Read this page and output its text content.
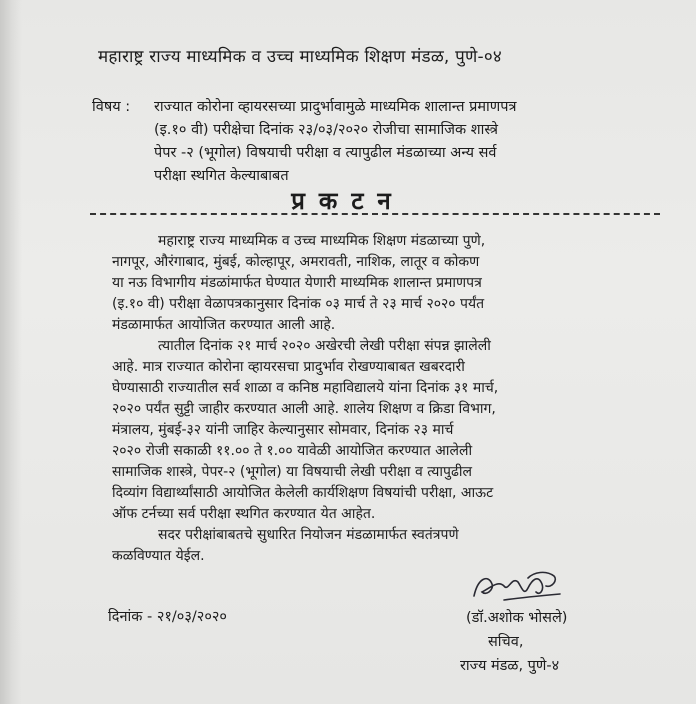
महाराष्ट्र राज्य माध्यमिक व उच्च माध्यमिक शिक्षण मंडळ, पुणे-०४
विषय : राज्यात कोरोना व्हायरसच्या प्रादुर्भावामुळे माध्यमिक शालान्त प्रमाणपत्र
(इ.१० वी) परीक्षेचा दिनांक २३/०३/२०२० रोजीचा सामाजिक शास्त्रे
पेपर -२ (भूगोल) विषयाची परीक्षा व त्यापुढील मंडळाच्या अन्य सर्व
परीक्षा स्थगित केल्याबाबत
प्रकटन

महाराष्ट्र राज्य माध्यमिक व उच्च माध्यमिक शिक्षण मंडळाच्या पुणे,
नागपूर, औरंगाबाद, मुंबई, कोल्हापूर, अमरावती, नाशिक, लातूर व कोकण
या नऊ विभागीय मंडळांमार्फत घेण्यात येणारी माध्यमिक शालान्त प्रमाणपत्र
(इ.१० वी) परीक्षा वेळापत्रकानुसार दिनांक ०३ मार्च ते २३ मार्च २०२० पर्यंत
मंडळामार्फत आयोजित करण्यात आली आहे.

त्यातील दिनांक २१ मार्च २०२० अखेरची लेखी परीक्षा संपन्न झालेली
आहे. मात्र राज्यात कोरोना व्हायरसचा प्रादुर्भाव रोखण्याबाबत खबरदारी
घेण्यासाठी राज्यातील सर्व शाळा व कनिष्ठ महाविद्यालये यांना दिनांक ३१ मार्च,
२०२० पर्यंत सुट्टी जाहीर करण्यात आली आहे. शालेय शिक्षण व क्रिडा विभाग,
मंत्रालय, मुंबई-३२ यांनी जाहिर केल्यानुसार सोमवार, दिनांक २३ मार्च
२०२० रोजी सकाळी ११.०० ते १.०० यावेळी आयोजित करण्यात आलेली
सामाजिक शास्त्रे, पेपर-२ (भूगोल) या विषयाची लेखी परीक्षा व त्यापुढील
दिव्यांग विद्यार्थ्यांसाठी आयोजित केलेली कार्यशिक्षण विषयांची परीक्षा, आऊट
ऑफ टर्नच्या सर्व परीक्षा स्थगित करण्यात येत आहेत.

सदर परीक्षांबाबतचे सुधारित नियोजन मंडळामार्फत स्वतंत्रपणे
कळविण्यात येईल.

दिनांक - २१/०३/२०२०	(डॉ.अशोक भोसले)
सचिव,
राज्य मंडळ, पुणे-४
